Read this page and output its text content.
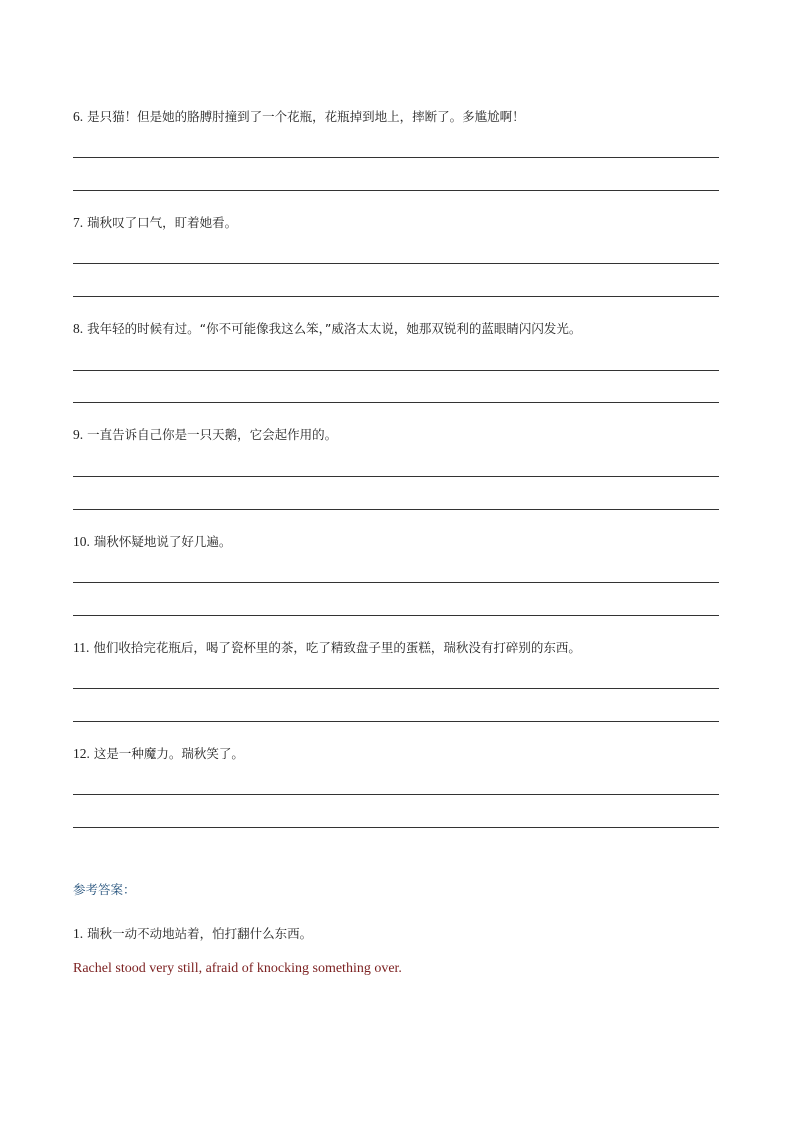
6. 是只猫！但是她的胳膊肘撞到了一个花瓶，花瓶掉到地上，摔断了。多尴尬啊！
7. 瑞秋叹了口气，盯着她看。
8. 我年轻的时候有过。“你不可能像我这么笨，”威洛太太说，她那双锐利的蓝眼睛闪闪发光。
9. 一直告诉自己你是一只天鹅，它会起作用的。
10. 瑞秋怀疑地说了好几遍。
11. 他们收拾完花瓶后，喝了瓷杯里的茶，吃了精致盘子里的蛋糕，瑞秋没有打碎别的东西。
12. 这是一种魔力。瑞秋笑了。
参考答案：
1. 瑞秋一动不动地站着，怕打翻什么东西。
Rachel stood very still, afraid of knocking something over.
